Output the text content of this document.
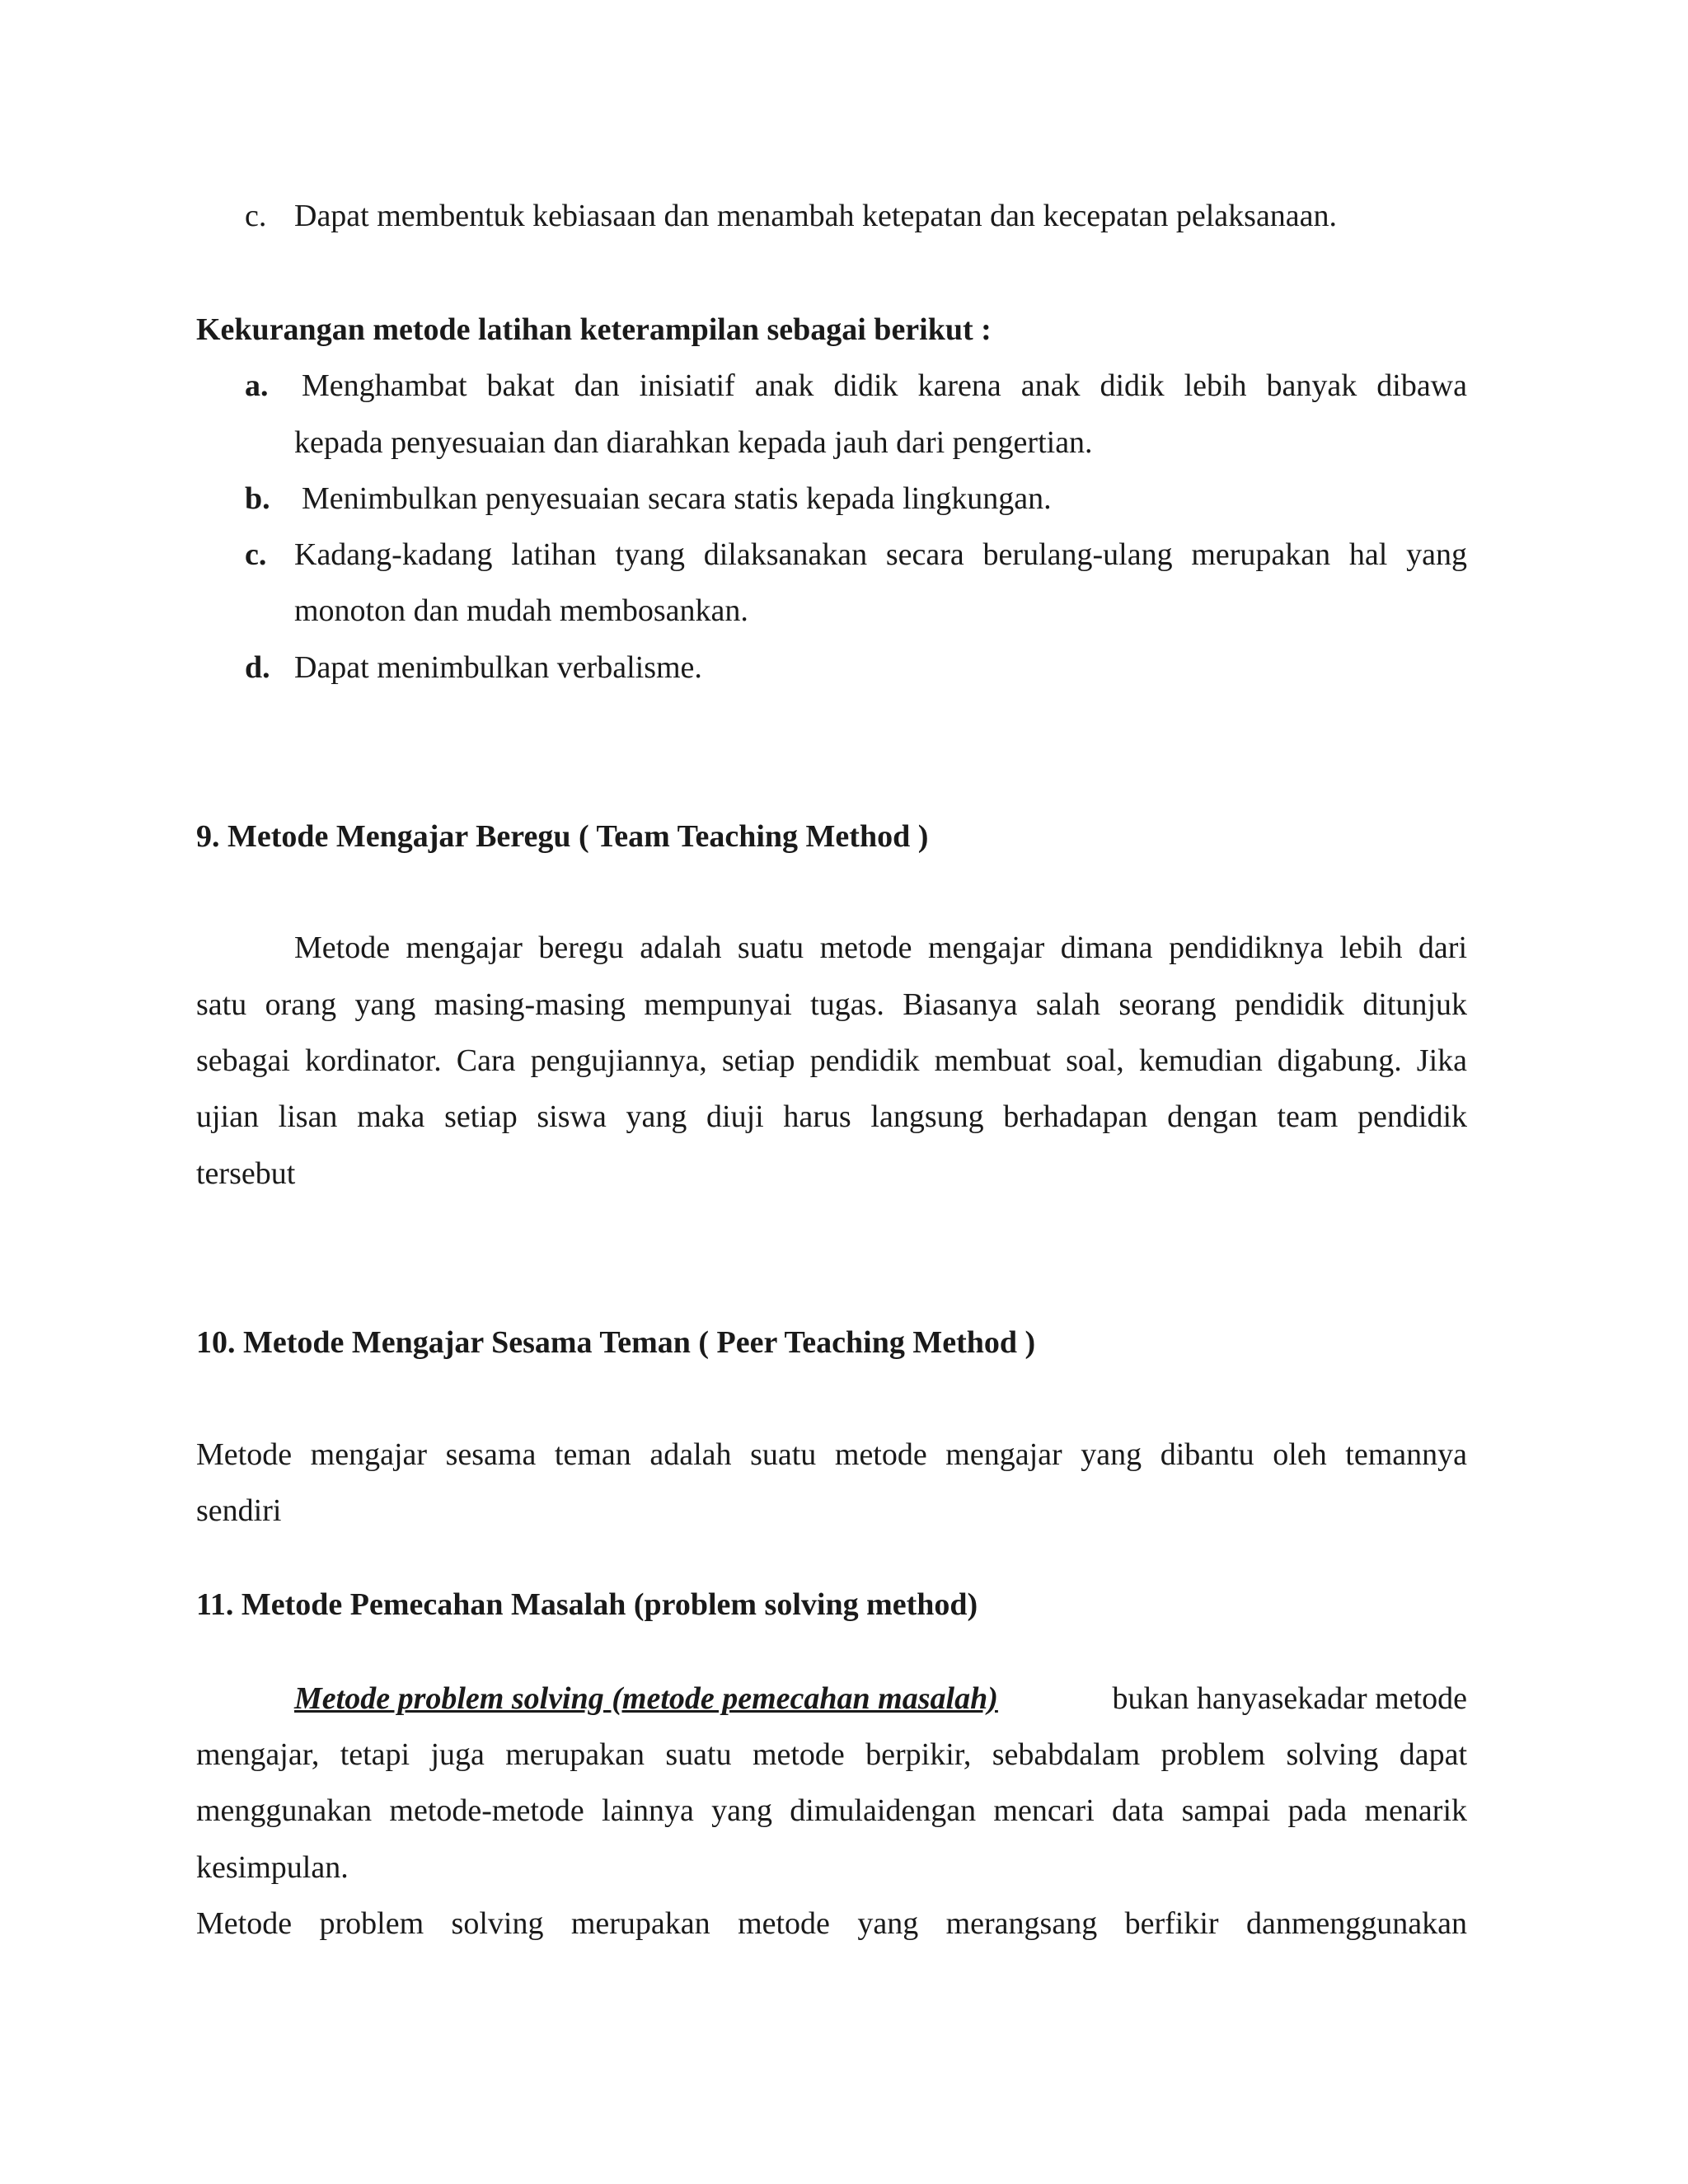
c. Dapat membentuk kebiasaan dan menambah ketepatan dan kecepatan pelaksanaan.
Kekurangan metode latihan keterampilan sebagai berikut :
a. Menghambat bakat dan inisiatif anak didik karena anak didik lebih banyak dibawa
kepada penyesuaian dan diarahkan kepada jauh dari pengertian.
b. Menimbulkan penyesuaian secara statis kepada lingkungan.
c. Kadang-kadang latihan tyang dilaksanakan secara berulang-ulang merupakan hal yang
monoton dan mudah membosankan.
d. Dapat menimbulkan verbalisme.
9. Metode Mengajar Beregu ( Team Teaching Method )
Metode mengajar beregu adalah suatu metode mengajar dimana pendidiknya lebih dari
satu orang yang masing-masing mempunyai tugas. Biasanya salah seorang pendidik ditunjuk
sebagai kordinator. Cara pengujiannya, setiap pendidik membuat soal, kemudian digabung. Jika
ujian lisan maka setiap siswa yang diuji harus langsung berhadapan dengan team pendidik
tersebut
10. Metode Mengajar Sesama Teman ( Peer Teaching Method )
Metode mengajar sesama teman adalah suatu metode mengajar yang dibantu oleh temannya
sendiri
11. Metode Pemecahan Masalah (problem solving method)
Metode problem solving (metode pemecahan masalah)	bukan hanyasekadar metode
mengajar, tetapi juga merupakan suatu metode berpikir, sebabdalam problem solving dapat
menggunakan metode-metode lainnya yang dimulaidengan mencari data sampai pada menarik
kesimpulan.
Metode problem solving merupakan metode yang merangsang berfikir danmenggunakan
